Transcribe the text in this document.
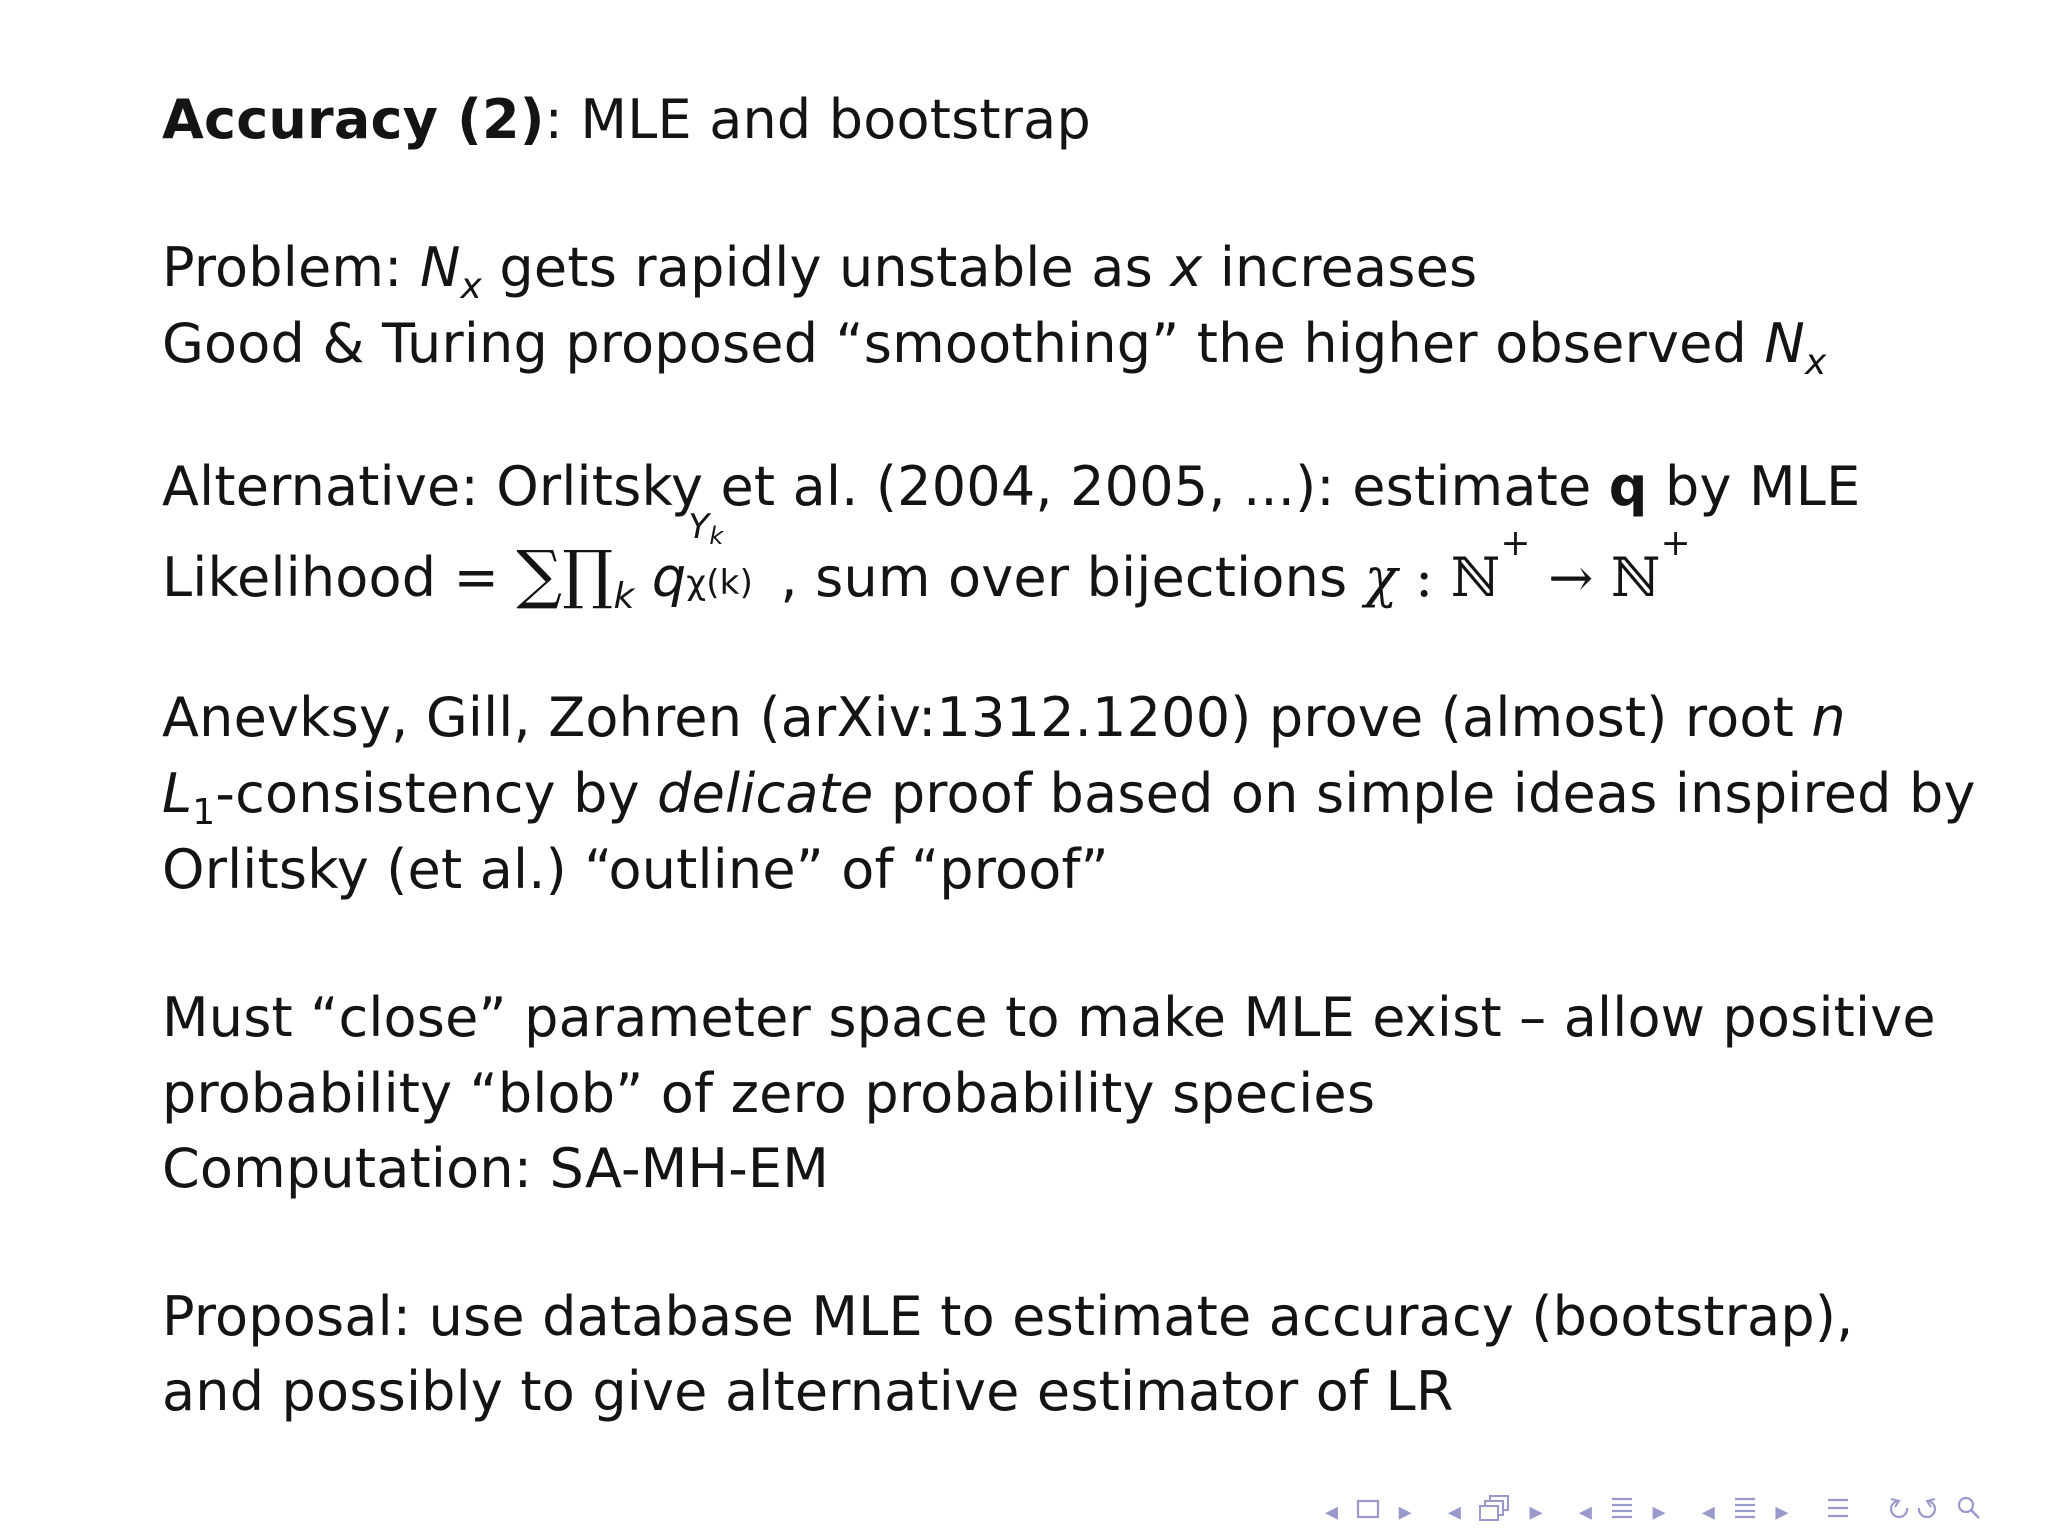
Accuracy (2): MLE and bootstrap
Problem: $N_x$ gets rapidly unstable as x increases
Good & Turing proposed “smoothing” the higher observed $N_x$
Alternative: Orlitsky et al. (2004, 2005, ...): estimate q by MLE
Likelihood = $\sum\prod_k$ q
Yk
χ(k) , sum over bijections χ : ℕ+ → ℕ+
Anevksy, Gill, Zohren (arXiv:1312.1200) prove (almost) root n
$L_1$-consistency by delicate proof based on simple ideas inspired by
Orlitsky (et al.) “outline” of “proof”
Must “close” parameter space to make MLE exist – allow positive
probability “blob” of zero probability species
Computation: SA-MH-EM
Proposal: use database MLE to estimate accuracy (bootstrap),
and possibly to give alternative estimator of LR
◂ ▸ ◂	▸ ◂ ▸ ◂ ▸
